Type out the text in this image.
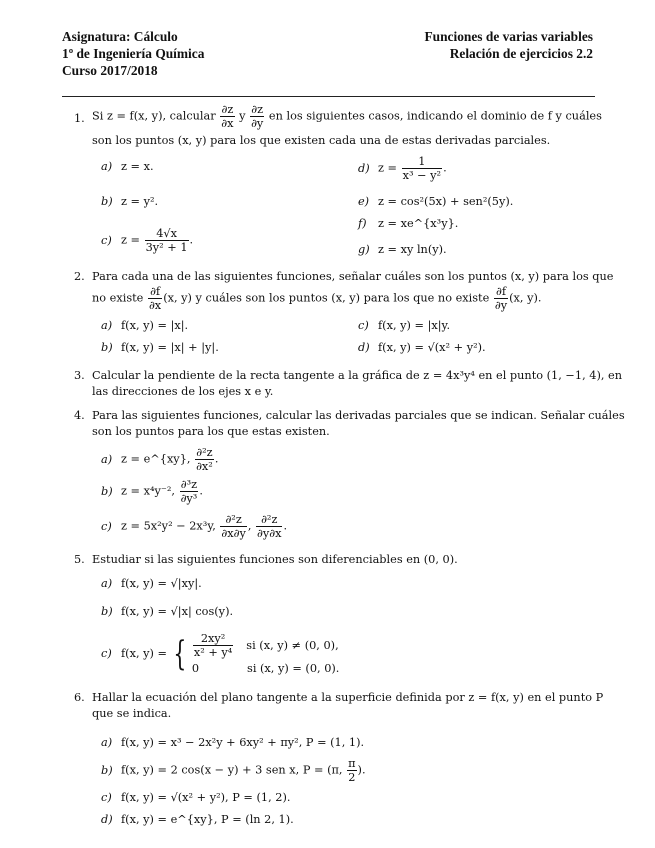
Asignatura: Cálculo
1º de Ingeniería Química
Curso 2017/2018
Funciones de varias variables
Relación de ejercicios 2.2
1. Si z = f(x, y), calcular $\frac{\partial z}{\partial x}$ y $\frac{\partial z}{\partial y}$ en los siguientes casos, indicando el dominio de f y cuáles
son los puntos (x, y) para los que existen cada una de estas derivadas parciales.
a) z = x.
b) z = y².
c) $z = \frac{4√x}{\text{3y² + 1}}$ .
d) $z = \frac{1}{\text{x³ − y²}}$ .
e) z = cos²(5x) + sen²(5y).
f) z = xe^{x³y}.
g) z = xy ln(y).
2. Para cada una de las siguientes funciones, señalar cuáles son los puntos (x, y) para los que
no existe $\frac{\partial f}{\partial x} (x$, y) y cuáles son los puntos (x, y) para los que no existe $\frac{\partial f}{\partial y} (x$, y).
a) f(x, y) = |x|.
b) f(x, y) = |x| + |y|.
c) f(x, y) = |x|y.
d) f(x, y) = √(x² + y²).
3. Calcular la pendiente de la recta tangente a la gráfica de z = 4x³y⁴ en el punto (1, −1, 4), en
las direcciones de los ejes x e y.
4. Para las siguientes funciones, calcular las derivadas parciales que se indican. Señalar cuáles
son los puntos para los que estas existen.
a) z = e^{xy}, $\frac{\text{∂²z}}{\text{∂x²}}$ .
b) z = x⁴y⁻², $\frac{\text{∂³z}}{\text{∂y³}}$ .
c) z = 5x²y² − 2x³y, $\frac{\text{∂²z}}{\partial x\partial y}$ , $\frac{\text{∂²z}}{\partial y\partial x}$ .
5. Estudiar si las siguientes funciones son diferenciables en (0, 0).
a) f(x, y) = √|xy|.
b) f(x, y) = √|x| cos(y).
c) f(x, y) = { $\frac{\text{2xy²}}{\text{x² + y⁴}}$ si (x, y) ≠ (0, 0),
0	si (x, y) = (0, 0).
6. Hallar la ecuación del plano tangente a la superficie definida por z = f(x, y) en el punto P
que se indica.
a) f(x, y) = x³ − 2x²y + 6xy² + πy², P = (1, 1).
b) f(x, y) = 2 cos(x − y) + 3 sen x, P = (π, $\frac{\pi}{2}$ ).
c) f(x, y) = √(x² + y²), P = (1, 2).
d) f(x, y) = e^{xy}, P = (ln 2, 1).
